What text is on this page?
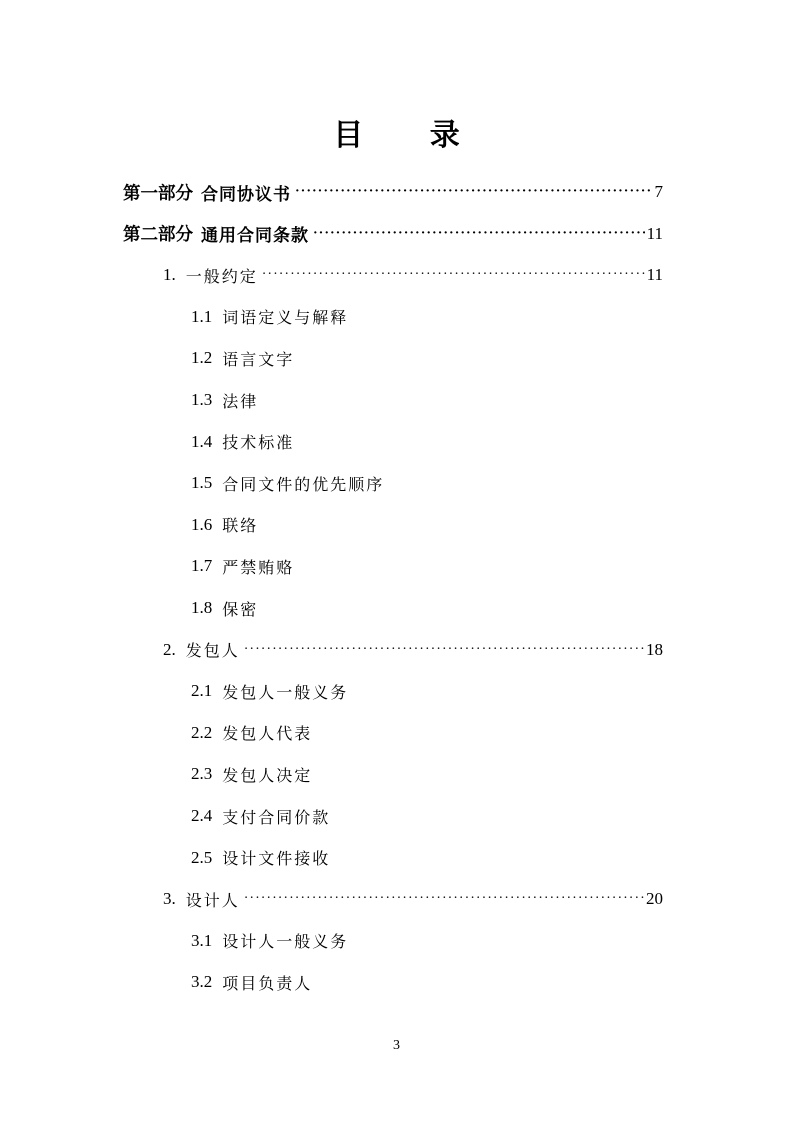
目 录
第一部分 合同协议书 ·····	7
第二部分 通用合同条款 ·····	11
1. 一般约定 ·····	11
1.1 词语定义与解释
1.2 语言文字
1.3 法律
1.4 技术标准
1.5 合同文件的优先顺序
1.6 联络
1.7 严禁贿赂
1.8 保密
2. 发包人 ·····	18
2.1 发包人一般义务
2.2 发包人代表
2.3 发包人决定
2.4 支付合同价款
2.5 设计文件接收
3. 设计人 ·····	20
3.1 设计人一般义务
3.2 项目负责人
3
